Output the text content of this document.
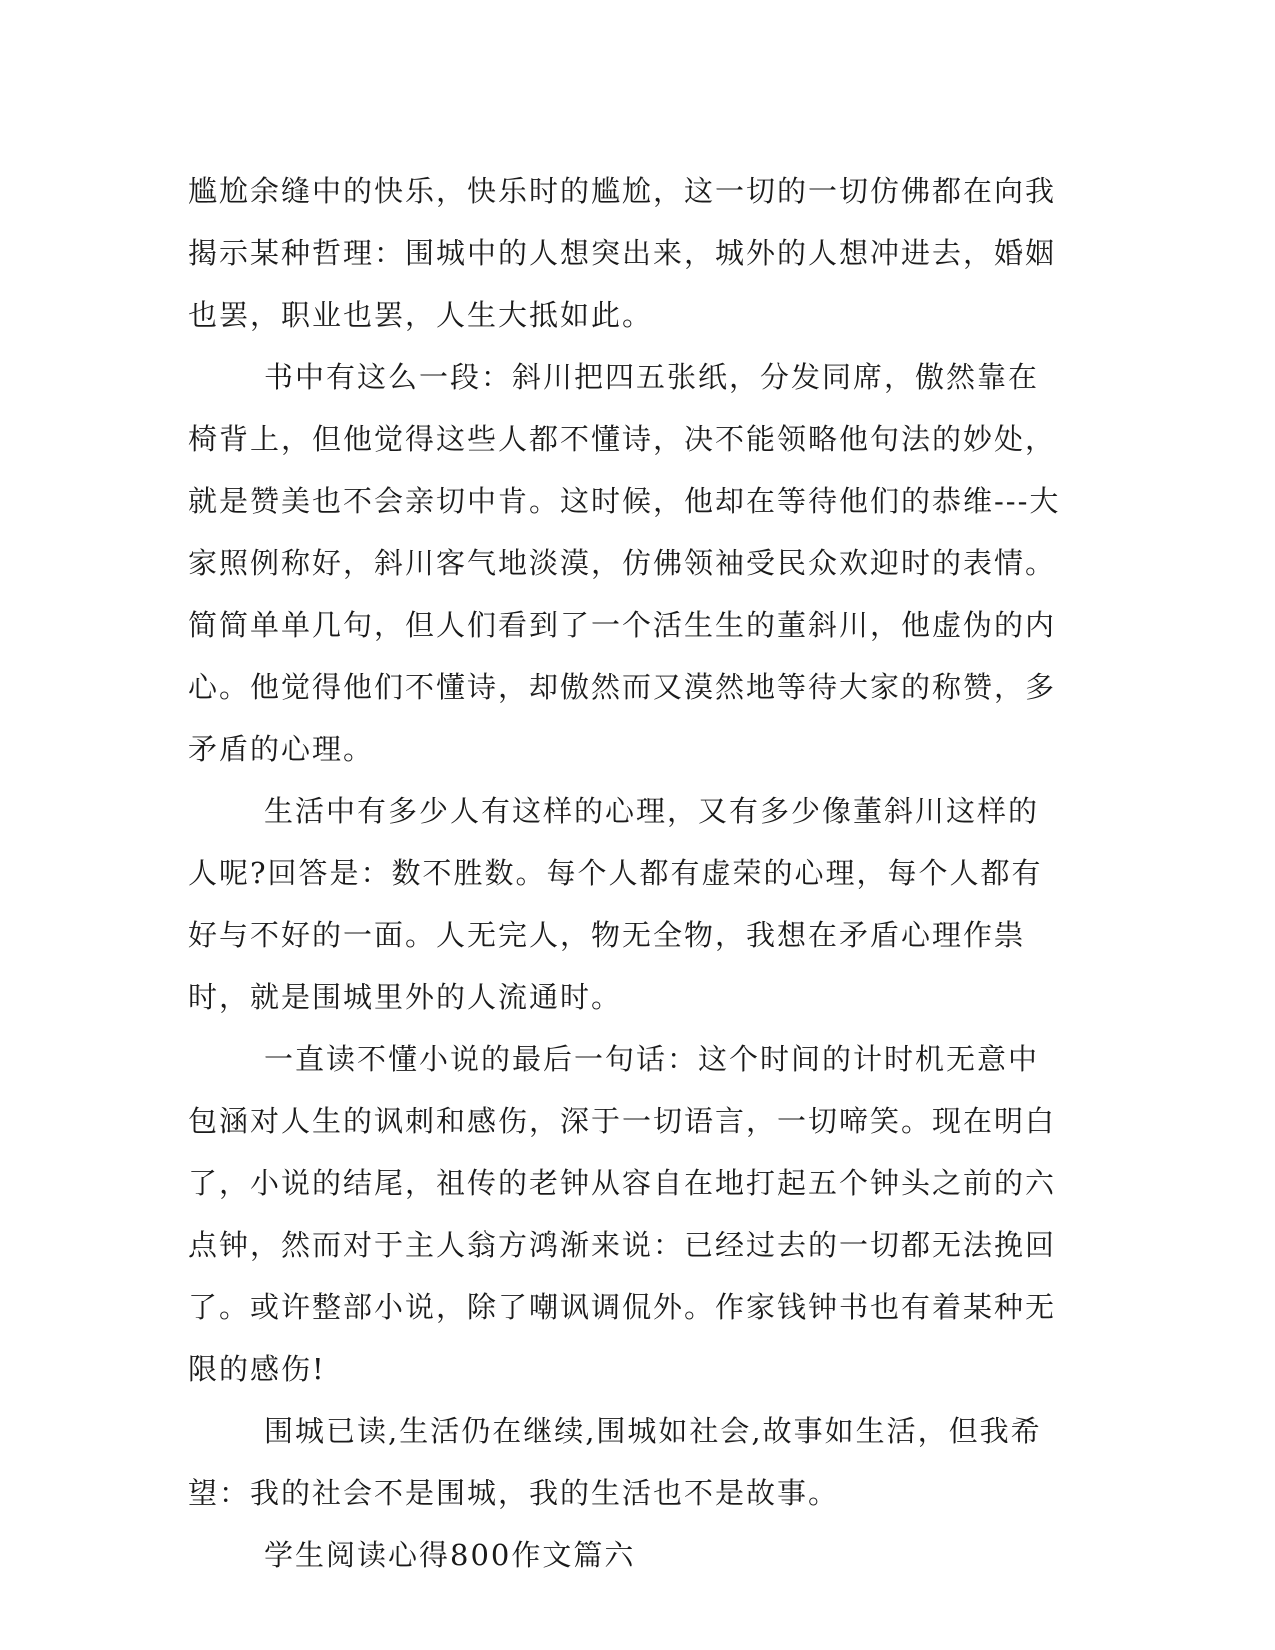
尴尬余缝中的快乐，快乐时的尴尬，这一切的一切仿佛都在向我揭示某种哲理：围城中的人想突出来，城外的人想冲进去，婚姻也罢，职业也罢，人生大抵如此。

书中有这么一段：斜川把四五张纸，分发同席，傲然靠在椅背上，但他觉得这些人都不懂诗，决不能领略他句法的妙处，就是赞美也不会亲切中肯。这时候，他却在等待他们的恭维---大家照例称好，斜川客气地淡漠，仿佛领袖受民众欢迎时的表情。简简单单几句，但人们看到了一个活生生的董斜川，他虚伪的内心。他觉得他们不懂诗，却傲然而又漠然地等待大家的称赞，多矛盾的心理。

生活中有多少人有这样的心理，又有多少像董斜川这样的人呢?回答是：数不胜数。每个人都有虚荣的心理，每个人都有好与不好的一面。人无完人，物无全物，我想在矛盾心理作祟时，就是围城里外的人流通时。

一直读不懂小说的最后一句话：这个时间的计时机无意中包涵对人生的讽刺和感伤，深于一切语言，一切啼笑。现在明白了，小说的结尾，祖传的老钟从容自在地打起五个钟头之前的六点钟，然而对于主人翁方鸿渐来说：已经过去的一切都无法挽回了。或许整部小说，除了嘲讽调侃外。作家钱钟书也有着某种无限的感伤!

围城已读,生活仍在继续,围城如社会,故事如生活，但我希望：我的社会不是围城，我的生活也不是故事。

学生阅读心得800作文篇六
